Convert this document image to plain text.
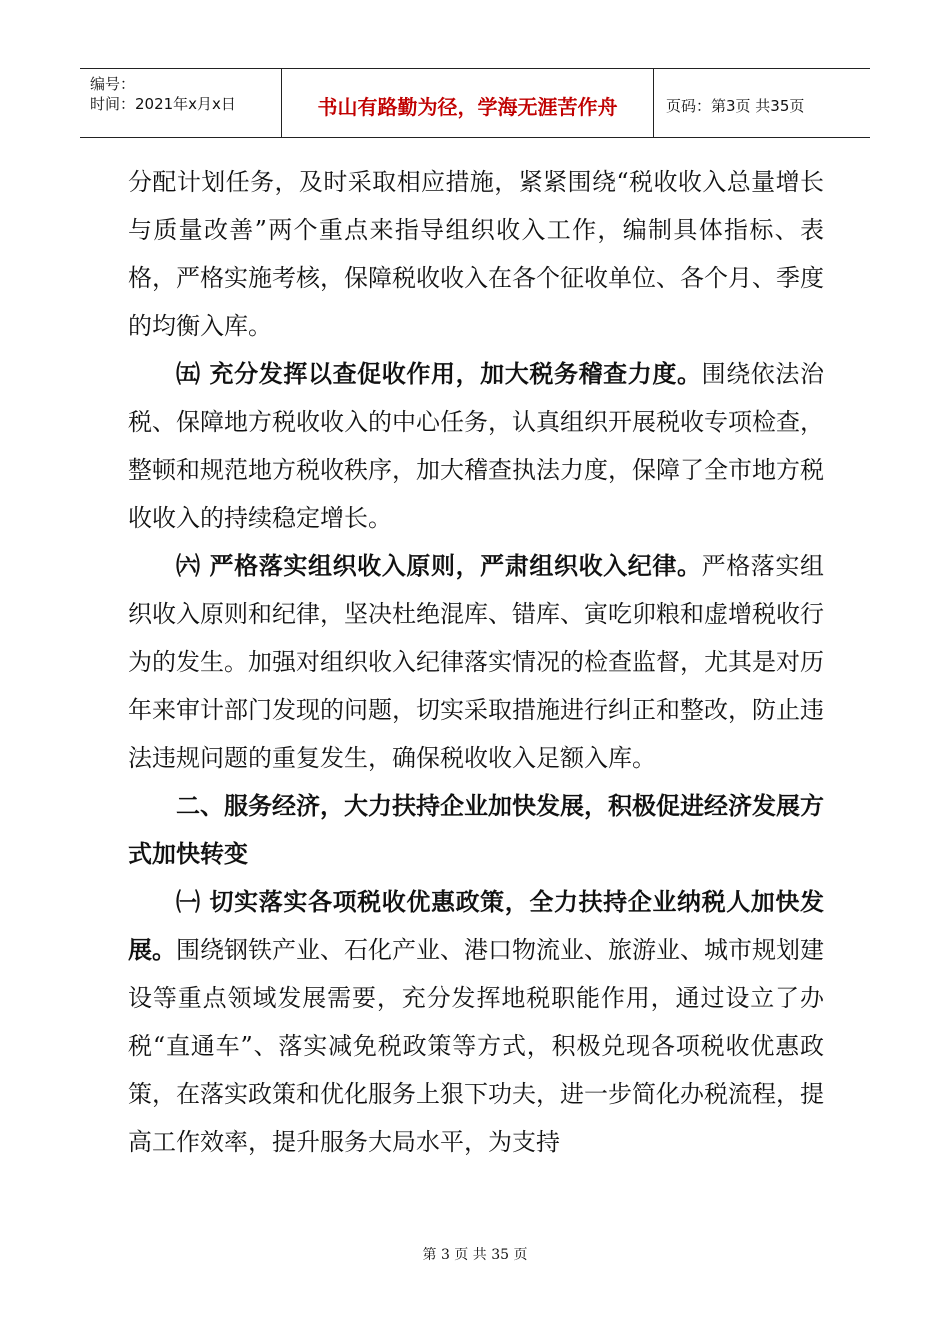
编号：
时间：2021年x月x日	书山有路勤为径，学海无涯苦作舟	页码：第3页 共35页

分配计划任务，及时采取相应措施，紧紧围绕“税收收入总量增长与质量改善”两个重点来指导组织收入工作，编制具体指标、表格，严格实施考核，保障税收收入在各个征收单位、各个月、季度的均衡入库。

㈤ 充分发挥以查促收作用，加大税务稽查力度。围绕依法治税、保障地方税收收入的中心任务，认真组织开展税收专项检查，整顿和规范地方税收秩序，加大稽查执法力度，保障了全市地方税收收入的持续稳定增长。

㈥ 严格落实组织收入原则，严肃组织收入纪律。严格落实组织收入原则和纪律，坚决杜绝混库、错库、寅吃卯粮和虚增税收行为的发生。加强对组织收入纪律落实情况的检查监督，尤其是对历年来审计部门发现的问题，切实采取措施进行纠正和整改，防止违法违规问题的重复发生，确保税收收入足额入库。

二、服务经济，大力扶持企业加快发展，积极促进经济发展方式加快转变

㈠ 切实落实各项税收优惠政策，全力扶持企业纳税人加快发展。围绕钢铁产业、石化产业、港口物流业、旅游业、城市规划建设等重点领域发展需要，充分发挥地税职能作用，通过设立了办税“直通车”、落实减免税政策等方式，积极兑现各项税收优惠政策，在落实政策和优化服务上狠下功夫，进一步简化办税流程，提高工作效率，提升服务大局水平，为支持

第 3 页 共 35 页
